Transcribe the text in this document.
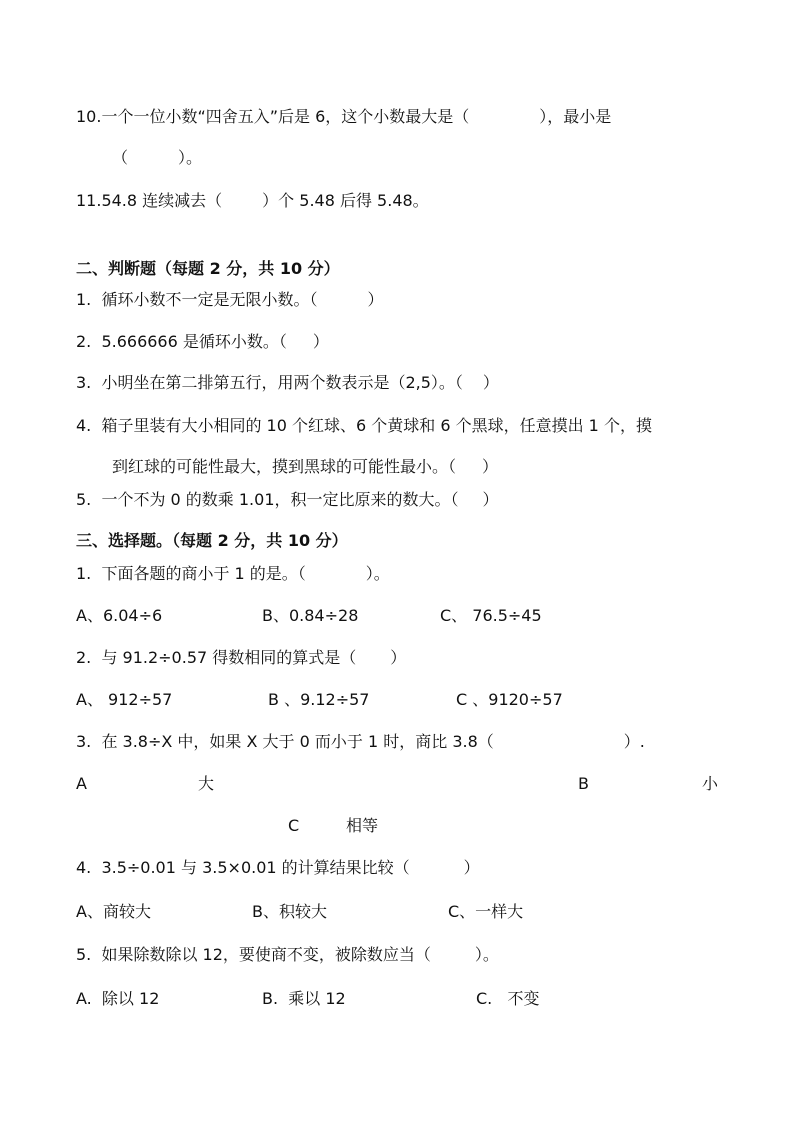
10.一个一位小数“四舍五入”后是 6，这个小数最大是（	），最小是
（	）。
11.54.8 连续减去（	）个 5.48 后得 5.48。
二、判断题（每题 2 分，共 10 分）
1.  循环小数不一定是无限小数。（	）
2.  5.666666 是循环小数。（ ）
3.  小明坐在第二排第五行，用两个数表示是（2,5）。（ ）
4.  箱子里装有大小相同的 10 个红球、6 个黄球和 6 个黑球，任意摸出 1 个，摸
到红球的可能性最大，摸到黑球的可能性最小。（ ）
5.  一个不为 0 的数乘 1.01，积一定比原来的数大。（ ）
三、选择题。（每题 2 分，共 10 分）
1.  下面各题的商小于 1 的是。（	）。
A、6.04÷6	B、0.84÷28	C、 76.5÷45
2.  与 91.2÷0.57 得数相同的算式是（ ）
A、 912÷57	B 、9.12÷57	C 、9120÷57
3.  在 3.8÷X 中，如果 X 大于 0 而小于 1 时，商比 3.8（	）.
A	大	B	小
C	相等
4.  3.5÷0.01 与 3.5×0.01 的计算结果比较（	）
A、商较大	B、积较大	C、一样大
5.  如果除数除以 12，要使商不变，被除数应当（	）。
A.  除以 12	B.  乘以 12	C.   不变
